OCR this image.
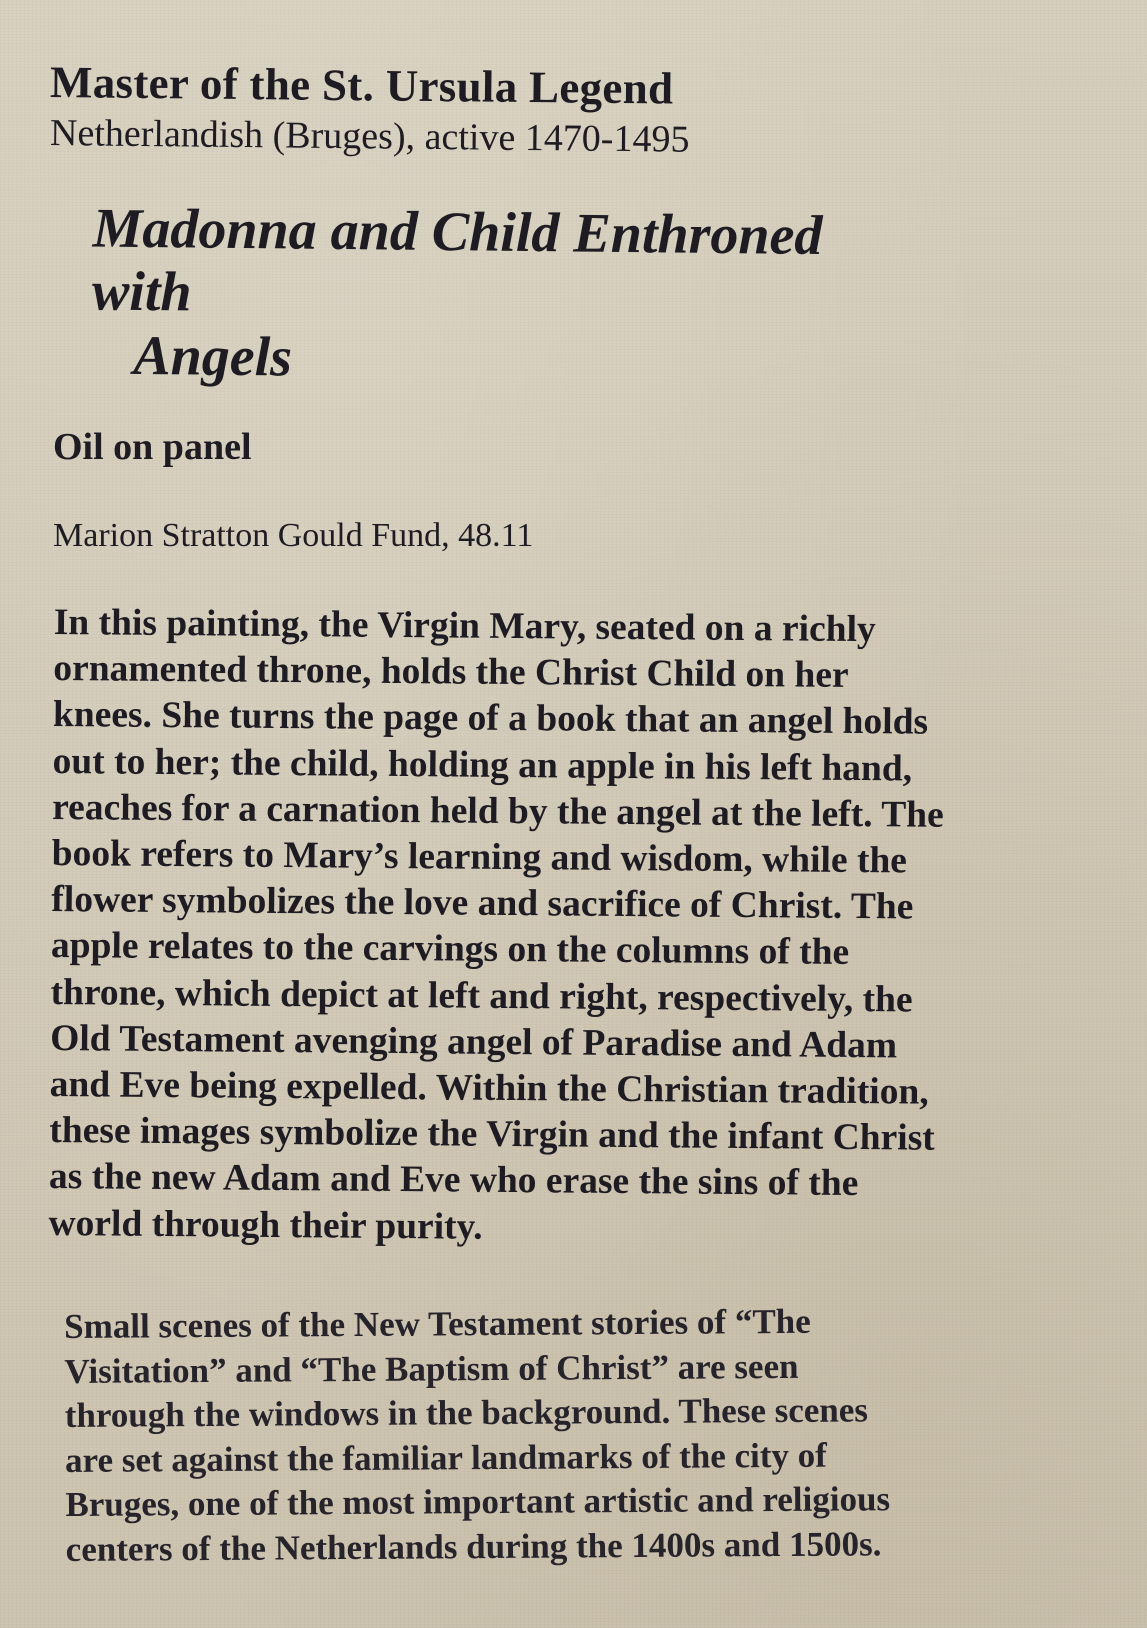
Master of the St. Ursula Legend

Netherlandish (Bruges), active 1470-1495

Madonna and Child Enthroned with
Angels

Oil on panel

Marion Stratton Gould Fund, 48.11

In this painting, the Virgin Mary, seated on a richly
ornamented throne, holds the Christ Child on her
knees. She turns the page of a book that an angel holds
out to her; the child, holding an apple in his left hand,
reaches for a carnation held by the angel at the left. The
book refers to Mary’s learning and wisdom, while the
flower symbolizes the love and sacrifice of Christ. The
apple relates to the carvings on the columns of the
throne, which depict at left and right, respectively, the
Old Testament avenging angel of Paradise and Adam
and Eve being expelled. Within the Christian tradition,
these images symbolize the Virgin and the infant Christ
as the new Adam and Eve who erase the sins of the
world through their purity.
Small scenes of the New Testament stories of “The
Visitation” and “The Baptism of Christ” are seen
through the windows in the background. These scenes
are set against the familiar landmarks of the city of
Bruges, one of the most important artistic and religious
centers of the Netherlands during the 1400s and 1500s.
